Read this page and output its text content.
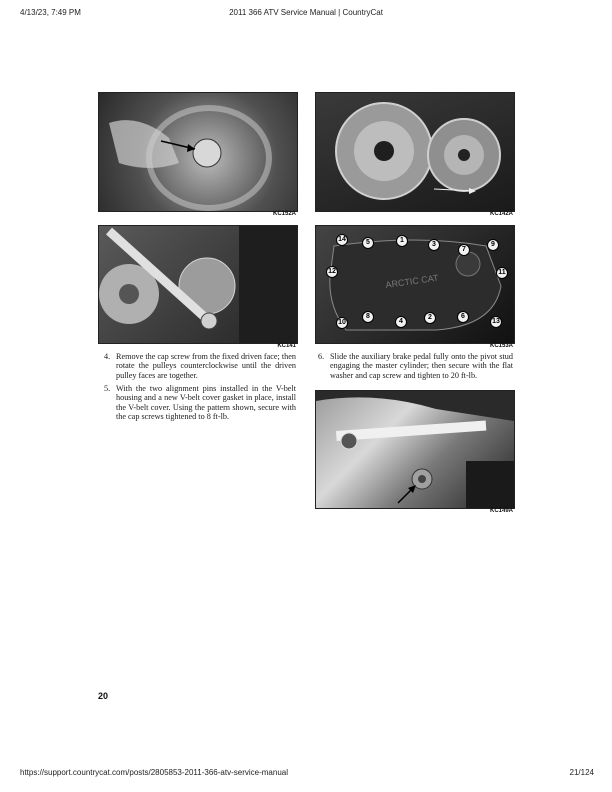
4/13/23, 7:49 PM	2011 366 ATV Service Manual | CountryCat
KC152A	KC142A
KC141
ARCTIC CAT
1
2
3
4
5
6
7
8
9
10
11
12
13
14
KC153A
4. Remove the cap screw from the fixed driven face; then rotate the pulleys counterclockwise until the driven pulley faces are together.
5. With the two alignment pins installed in the V-belt housing and a new V-belt cover gasket in place, install the V-belt cover. Using the pattern shown, secure with the cap screws tightened to 8 ft-lb.
6. Slide the auxiliary brake pedal fully onto the pivot stud engaging the master cylinder; then secure with the flat washer and cap screw and tighten to 20 ft-lb.
KC149A
20
https://support.countrycat.com/posts/2805853-2011-366-atv-service-manual	21/124
